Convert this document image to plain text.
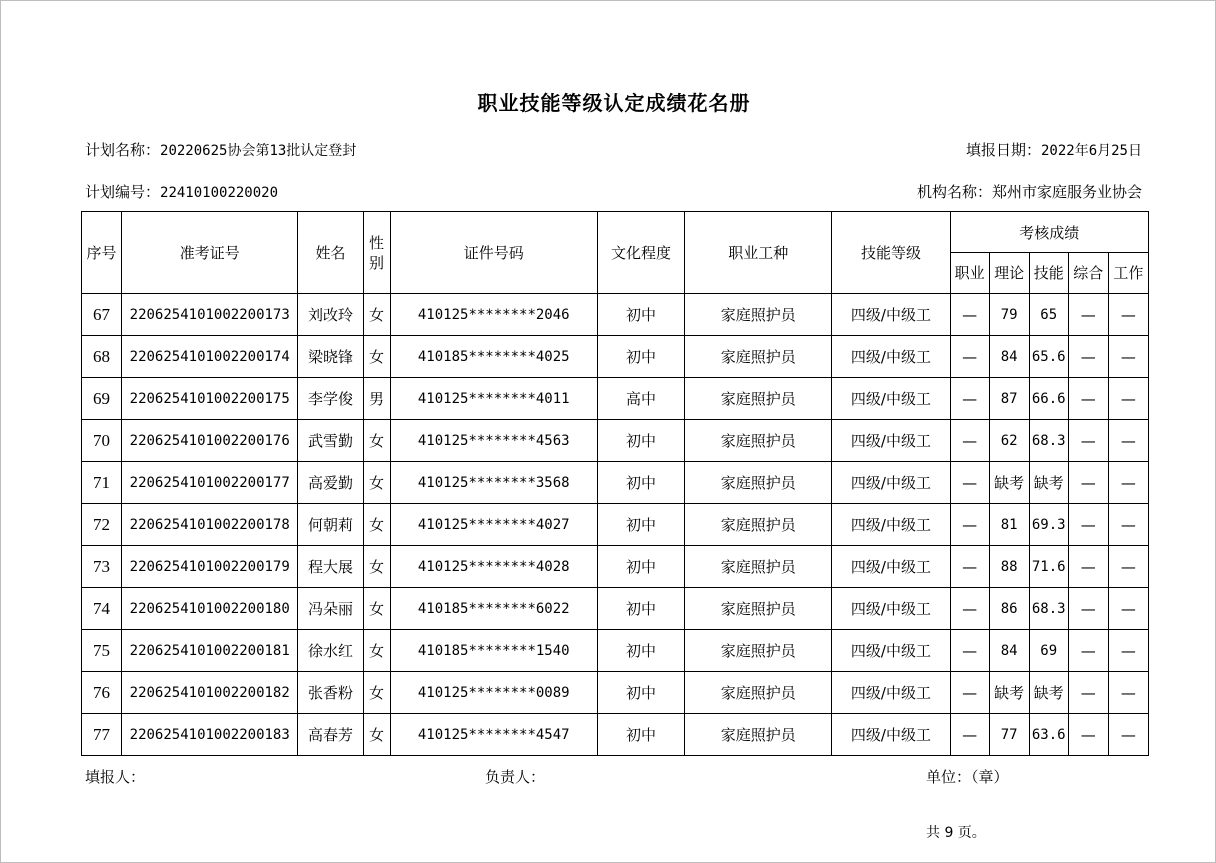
职业技能等级认定成绩花名册
计划名称：20220625协会第13批认定登封	填报日期：2022年6月25日
计划编号：22410100220020	机构名称：郑州市家庭服务业协会
序号	准考证号	姓名	性别	证件号码	文化程度	职业工种	技能等级	考核成绩				
								职业	理论	技能	综合	工作
67	2206254101002200173	刘改玲	女	410125********2046	初中	家庭照护员	四级/中级工	—	79	65	—	—
68	2206254101002200174	梁晓锋	女	410185********4025	初中	家庭照护员	四级/中级工	—	84	65.6	—	—
69	2206254101002200175	李学俊	男	410125********4011	高中	家庭照护员	四级/中级工	—	87	66.6	—	—
70	2206254101002200176	武雪勤	女	410125********4563	初中	家庭照护员	四级/中级工	—	62	68.3	—	—
71	2206254101002200177	高爱勤	女	410125********3568	初中	家庭照护员	四级/中级工	—	缺考	缺考	—	—
72	2206254101002200178	何朝莉	女	410125********4027	初中	家庭照护员	四级/中级工	—	81	69.3	—	—
73	2206254101002200179	程大展	女	410125********4028	初中	家庭照护员	四级/中级工	—	88	71.6	—	—
74	2206254101002200180	冯朵丽	女	410185********6022	初中	家庭照护员	四级/中级工	—	86	68.3	—	—
75	2206254101002200181	徐水红	女	410185********1540	初中	家庭照护员	四级/中级工	—	84	69	—	—
76	2206254101002200182	张香粉	女	410125********0089	初中	家庭照护员	四级/中级工	—	缺考	缺考	—	—
77	2206254101002200183	高春芳	女	410125********4547	初中	家庭照护员	四级/中级工	—	77	63.6	—	—
填报人：	负责人：	单位：（章）
共 9 页。
